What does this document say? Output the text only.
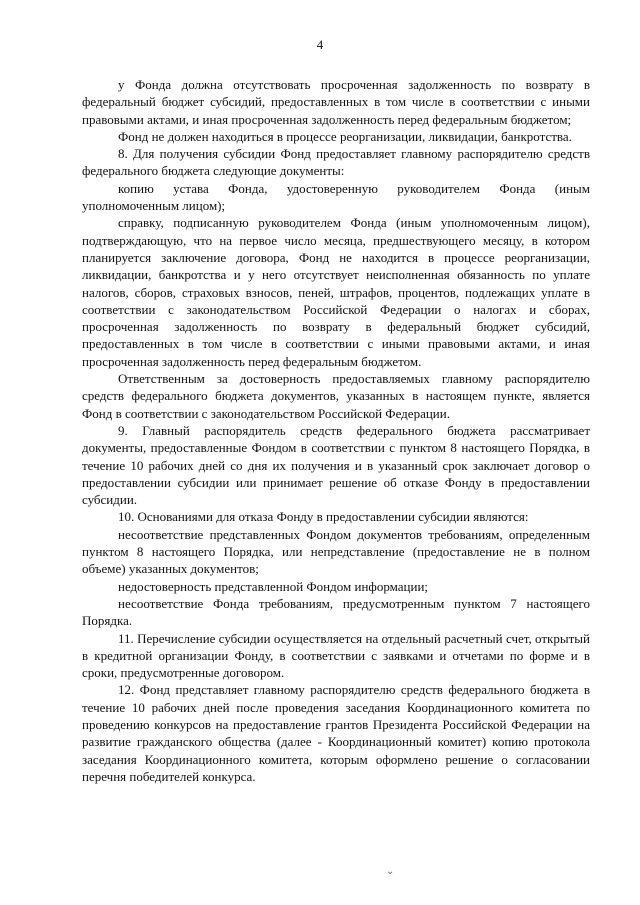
4

у Фонда должна отсутствовать просроченная задолженность по возврату в федеральный бюджет субсидий, предоставленных в том числе в соответствии с иными правовыми актами, и иная просроченная задолженность перед федеральным бюджетом;

Фонд не должен находиться в процессе реорганизации, ликвидации, банкротства.

8. Для получения субсидии Фонд предоставляет главному распорядителю средств федерального бюджета следующие документы:

копию устава Фонда, удостоверенную руководителем Фонда (иным уполномоченным лицом);

справку, подписанную руководителем Фонда (иным уполномоченным лицом), подтверждающую, что на первое число месяца, предшествующего месяцу, в котором планируется заключение договора, Фонд не находится в процессе реорганизации, ликвидации, банкротства и у него отсутствует неисполненная обязанность по уплате налогов, сборов, страховых взносов, пеней, штрафов, процентов, подлежащих уплате в соответствии с законодательством Российской Федерации о налогах и сборах, просроченная задолженность по возврату в федеральный бюджет субсидий, предоставленных в том числе в соответствии с иными правовыми актами, и иная просроченная задолженность перед федеральным бюджетом.

Ответственным за достоверность предоставляемых главному распорядителю средств федерального бюджета документов, указанных в настоящем пункте, является Фонд в соответствии с законодательством Российской Федерации.

9. Главный распорядитель средств федерального бюджета рассматривает документы, предоставленные Фондом в соответствии с пунктом 8 настоящего Порядка, в течение 10 рабочих дней со дня их получения и в указанный срок заключает договор о предоставлении субсидии или принимает решение об отказе Фонду в предоставлении субсидии.

10. Основаниями для отказа Фонду в предоставлении субсидии являются:

несоответствие представленных Фондом документов требованиям, определенным пунктом 8 настоящего Порядка, или непредставление (предоставление не в полном объеме) указанных документов;

недостоверность представленной Фондом информации;

несоответствие Фонда требованиям, предусмотренным пунктом 7 настоящего Порядка.

11. Перечисление субсидии осуществляется на отдельный расчетный счет, открытый в кредитной организации Фонду, в соответствии с заявками и отчетами по форме и в сроки, предусмотренные договором.

12. Фонд представляет главному распорядителю средств федерального бюджета в течение 10 рабочих дней после проведения заседания Координационного комитета по проведению конкурсов на предоставление грантов Президента Российской Федерации на развитие гражданского общества (далее - Координационный комитет) копию протокола заседания Координационного комитета, которым оформлено решение о согласовании перечня победителей конкурса.

⌄
